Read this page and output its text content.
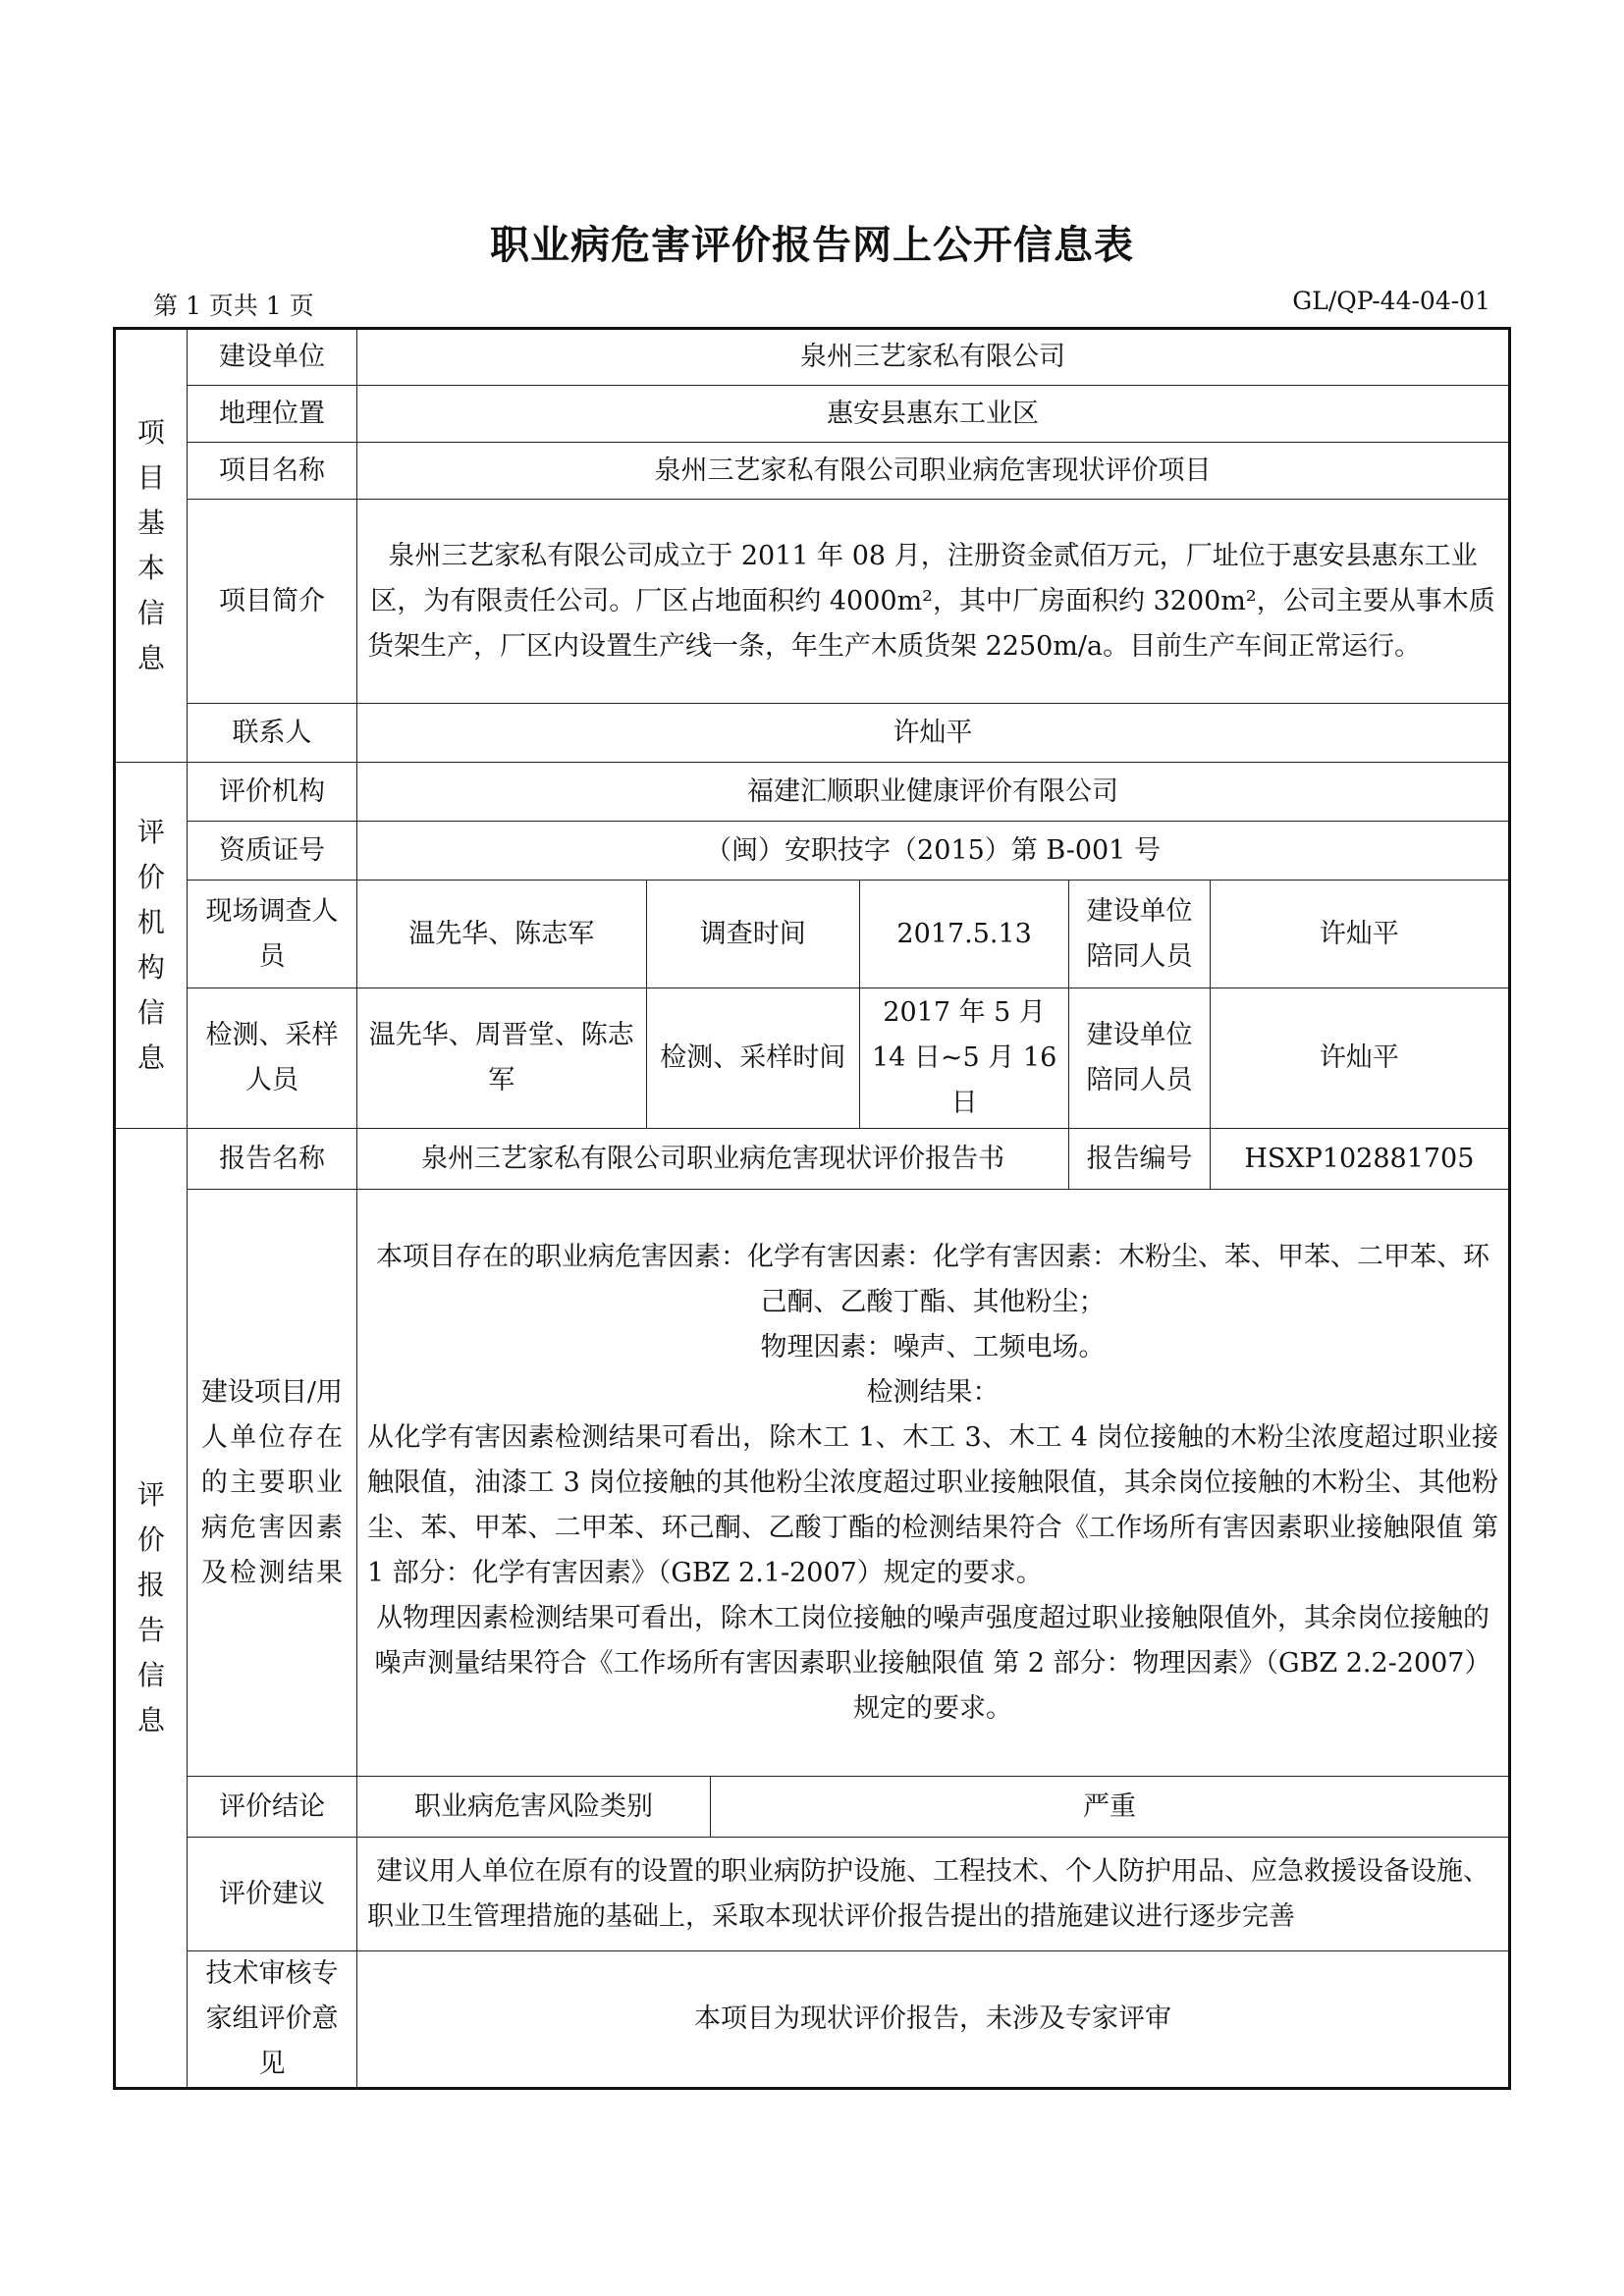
职业病危害评价报告网上公开信息表
第 1 页共 1 页	GL/QP-44-04-01
项目基本信息	建设单位	泉州三艺家私有限公司					
	地理位置	惠安县惠东工业区					
	项目名称	泉州三艺家私有限公司职业病危害现状评价项目					
	项目简介	泉州三艺家私有限公司成立于 2011 年 08 月，注册资金贰佰万元，厂址位于惠安县惠东工业区，为有限责任公司。厂区占地面积约 4000m²，其中厂房面积约 3200m²，公司主要从事木质货架生产，厂区内设置生产线一条，年生产木质货架 2250m/a。目前生产车间正常运行。					
	联系人	许灿平					
评价机构信息	评价机构	福建汇顺职业健康评价有限公司					
	资质证号	（闽）安职技字（2015）第 B-001 号					
	现场调查人员	温先华、陈志军	调查时间		2017.5.13	建设单位陪同人员	许灿平
	检测、采样人员	温先华、周晋堂、陈志军	检测、采样时间		2017 年 5 月 14 日~5 月 16 日	建设单位陪同人员	许灿平
评价报告信息	报告名称	泉州三艺家私有限公司职业病危害现状评价报告书				报告编号	HSXP102881705

	建设项目/用人单位存在的主要职业病危害因素及检测结果	本项目存在的职业病危害因素：化学有害因素：化学有害因素：木粉尘、苯、甲苯、二甲苯、环己酮、乙酸丁酯、其他粉尘；

物理因素：噪声、工频电场。

检测结果：

从化学有害因素检测结果可看出，除木工 1、木工 3、木工 4 岗位接触的木粉尘浓度超过职业接触限值，油漆工 3 岗位接触的其他粉尘浓度超过职业接触限值，其余岗位接触的木粉尘、其他粉尘、苯、甲苯、二甲苯、环己酮、乙酸丁酯的检测结果符合《工作场所有害因素职业接触限值 第 1 部分：化学有害因素》（GBZ 2.1-2007）规定的要求。

从物理因素检测结果可看出，除木工岗位接触的噪声强度超过职业接触限值外，其余岗位接触的噪声测量结果符合《工作场所有害因素职业接触限值 第 2 部分：物理因素》（GBZ 2.2-2007）规定的要求。					

	评价结论	职业病危害风险类别		严重			
	评价建议	建议用人单位在原有的设置的职业病防护设施、工程技术、个人防护用品、应急救援设备设施、职业卫生管理措施的基础上，采取本现状评价报告提出的措施建议进行逐步完善					
	技术审核专家组评价意见	本项目为现状评价报告，未涉及专家评审					
